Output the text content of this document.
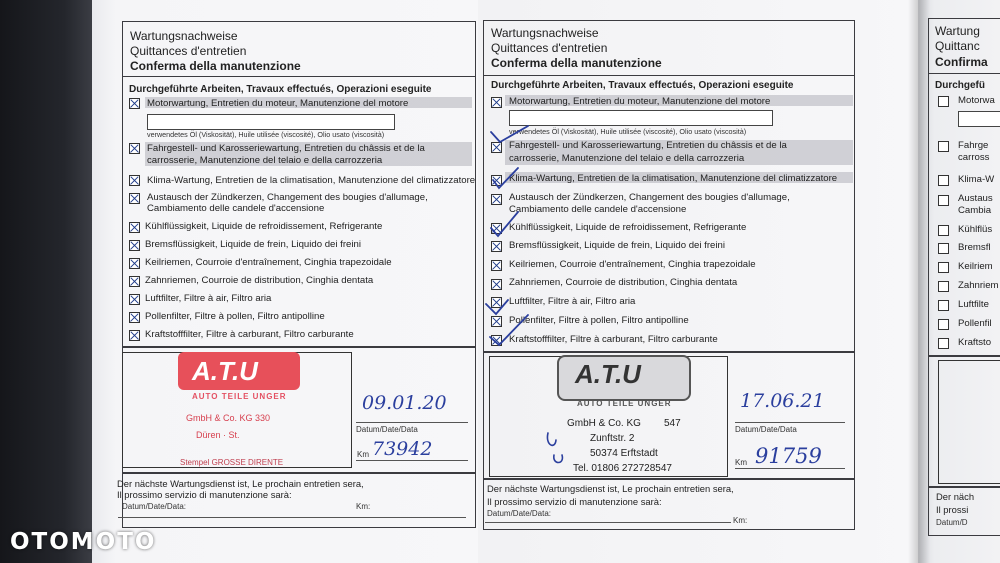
Wartungsnachweise
Quittances d'entretien
Conferma della manutenzione
Durchgeführte Arbeiten, Travaux effectués, Operazioni eseguite
Motorwartung, Entretien du moteur, Manutenzione del motore
verwendetes Öl (Viskosität), Huile utilisée (viscosité), Olio usato (viscosità)
Fahrgestell- und Karosseriewartung, Entretien du châssis et de la
carrosserie, Manutenzione del telaio e della carrozzeria
Klima-Wartung, Entretien de la climatisation, Manutenzione del climatizzatore
Austausch der Zündkerzen, Changement des bougies d'allumage,
Cambiamento delle candele d'accensione
Kühlflüssigkeit, Liquide de refroidissement, Refrigerante
Bremsflüssigkeit, Liquide de frein, Liquido dei freini
Keilriemen, Courroie d'entraînement, Cinghia trapezoidale
Zahnriemen, Courroie de distribution, Cinghia dentata
Luftfilter, Filtre à air, Filtro aria
Pollenfilter, Filtre à pollen, Filtro antipolline
Kraftstofffilter, Filtre à carburant, Filtro carburante
A.T.U
AUTO TEILE UNGER
GmbH & Co. KG 330
Düren · St.
Stempel GROSSE DIRENTE
09.01.20
Datum/Date/Data
Km 73942
Der nächste Wartungsdienst ist, Le prochain entretien sera,
Il prossimo servizio di manutenzione sarà:
Datum/Date/Data:	Km:
Wartungsnachweise
Quittances d'entretien
Conferma della manutenzione
Durchgeführte Arbeiten, Travaux effectués, Operazioni eseguite
Motorwartung, Entretien du moteur, Manutenzione del motore
verwendetes Öl (Viskosität), Huile utilisée (viscosité), Olio usato (viscosità)
Fahrgestell- und Karosseriewartung, Entretien du châssis et de la
carrosserie, Manutenzione del telaio e della carrozzeria
Klima-Wartung, Entretien de la climatisation, Manutenzione del climatizzatore
Austausch der Zündkerzen, Changement des bougies d'allumage,
Cambiamento delle candele d'accensione
Kühlflüssigkeit, Liquide de refroidissement, Refrigerante
Bremsflüssigkeit, Liquide de frein, Liquido dei freini
Keilriemen, Courroie d'entraînement, Cinghia trapezoidale
Zahnriemen, Courroie de distribution, Cinghia dentata
Luftfilter, Filtre à air, Filtro aria
Pollenfilter, Filtre à pollen, Filtro antipolline
Kraftstofffilter, Filtre à carburant, Filtro carburante
A.T.U
AUTO TEILE UNGER
GmbH & Co. KG 547
Zunftstr. 2
50374 Erftstadt
Tel. 01806 272728547
17.06.21
Datum/Date/Data
Km 91759
Der nächste Wartungsdienst ist, Le prochain entretien sera,
Il prossimo servizio di manutenzione sarà:
Datum/Date/Data:
Km:
Wartung
Quittanc
Confirma
Durchgefü
Motorwa
Fahrge
carross
Klima-W
Austaus
Cambia
Kühlflüs
Bremsfl
Keilriem
Zahnriem
Luftfilte
Pollenfil
Kraftsto
Der näch
Il prossi
Datum/D
OTOMOTO
